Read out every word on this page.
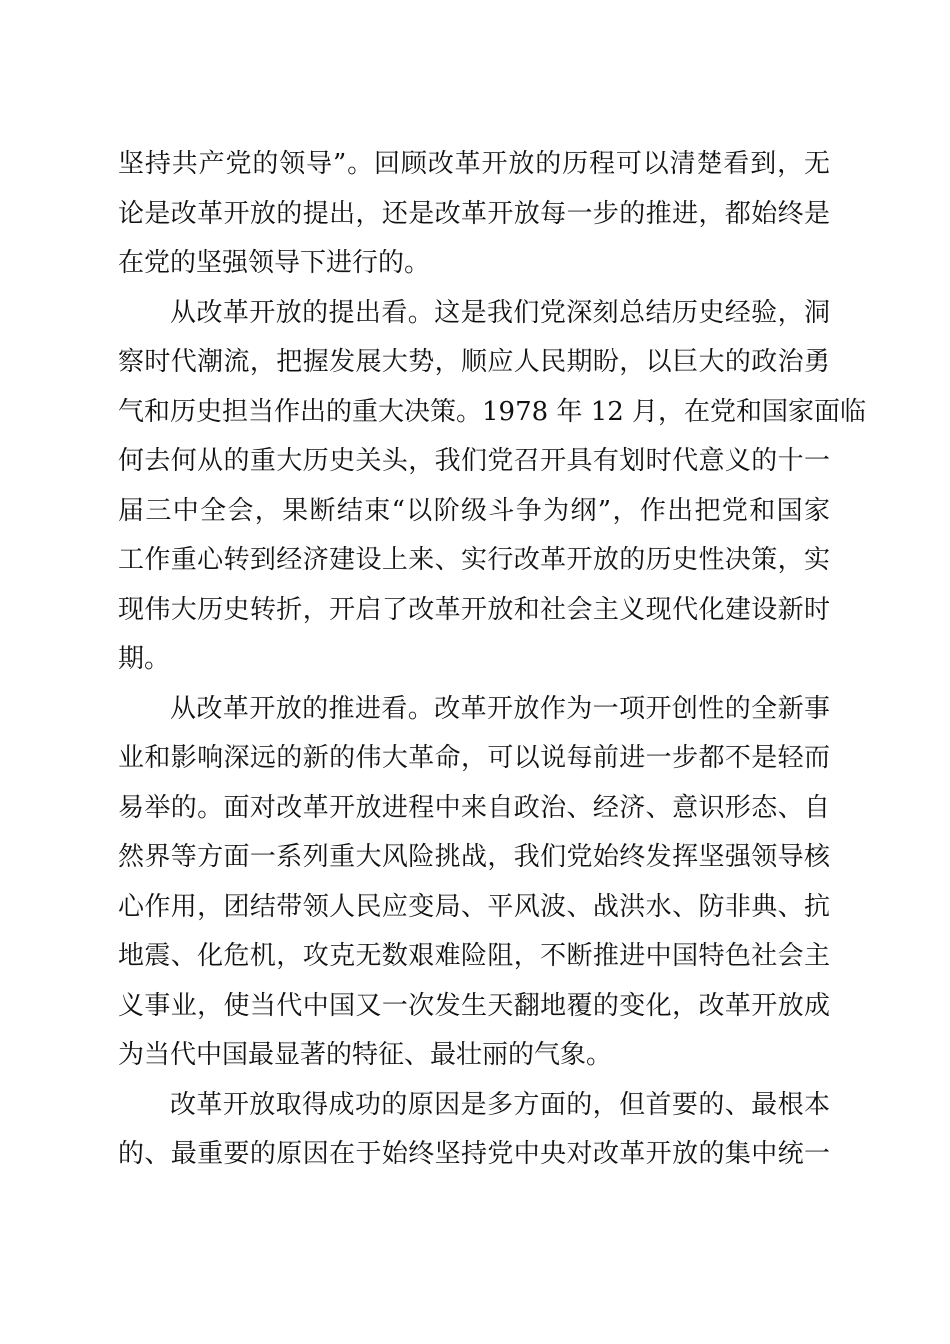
坚持共产党的领导”。回顾改革开放的历程可以清楚看到，无
论是改革开放的提出，还是改革开放每一步的推进，都始终是
在党的坚强领导下进行的。
从改革开放的提出看。这是我们党深刻总结历史经验，洞
察时代潮流，把握发展大势，顺应人民期盼，以巨大的政治勇
气和历史担当作出的重大决策。1978 年 12 月，在党和国家面临
何去何从的重大历史关头，我们党召开具有划时代意义的十一
届三中全会，果断结束“以阶级斗争为纲”，作出把党和国家
工作重心转到经济建设上来、实行改革开放的历史性决策，实
现伟大历史转折，开启了改革开放和社会主义现代化建设新时
期。
从改革开放的推进看。改革开放作为一项开创性的全新事
业和影响深远的新的伟大革命，可以说每前进一步都不是轻而
易举的。面对改革开放进程中来自政治、经济、意识形态、自
然界等方面一系列重大风险挑战，我们党始终发挥坚强领导核
心作用，团结带领人民应变局、平风波、战洪水、防非典、抗
地震、化危机，攻克无数艰难险阻，不断推进中国特色社会主
义事业，使当代中国又一次发生天翻地覆的变化，改革开放成
为当代中国最显著的特征、最壮丽的气象。
改革开放取得成功的原因是多方面的，但首要的、最根本
的、最重要的原因在于始终坚持党中央对改革开放的集中统一
